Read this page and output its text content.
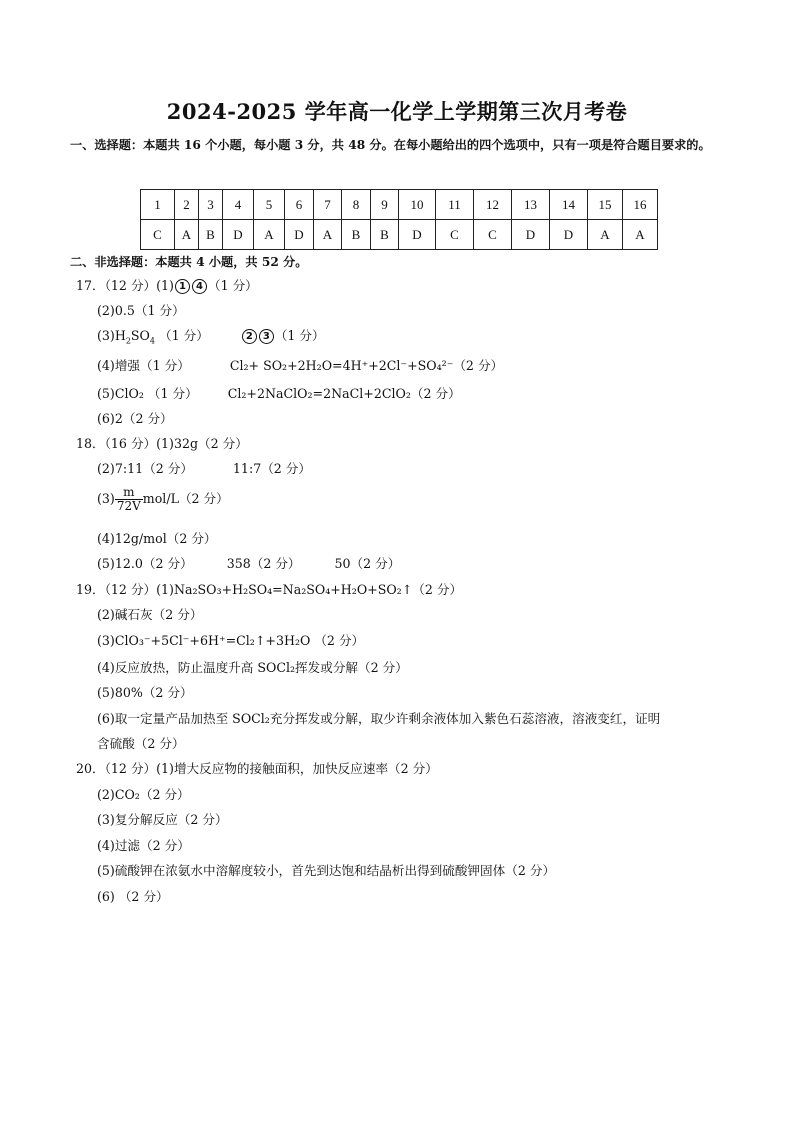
2024-2025 学年高一化学上学期第三次月考卷
一、选择题：本题共 16 个小题，每小题 3 分，共 48 分。在每小题给出的四个选项中，只有一项是符合题目要求的。
1	2	3	4	5	6	7	8	9	10	11	12	13	14	15	16
C	A	B	D	A	D	A	B	B	D	C	C	D	D	A	A
二、非选择题：本题共 4 小题，共 52 分。
17．（12 分）(1) 1 4 （1 分）
(2)0.5（1 分）
$(3)H_2SO_4$ （1 分）	2 3 （1 分）
(4)增强（1 分）	Cl₂+ SO₂+2H₂O=4H⁺+2Cl⁻+SO₄²⁻（2 分）
(5)ClO₂ （1 分） Cl₂+2NaClO₂=2NaCl+2ClO₂（2 分）
(6)2（2 分）
18．（16 分）(1)32g（2 分）
(2)7:11（2 分）	11:7（2 分）
$(3) \frac{m}{72V} mol/L(2$ 分）
(4)12g/mol（2 分）
(5)12.0（2 分）	358（2 分）	50（2 分）
19．（12 分）(1)Na₂SO₃+H₂SO₄=Na₂SO₄+H₂O+SO₂↑（2 分）
(2)碱石灰（2 分）
(3)ClO₃⁻+5Cl⁻+6H⁺=Cl₂↑+3H₂O （2 分）
(4)反应放热，防止温度升高 SOCl₂挥发或分解（2 分）
(5)80%（2 分）
(6)取一定量产品加热至 SOCl₂充分挥发或分解，取少许剩余液体加入紫色石蕊溶液，溶液变红，证明
含硫酸（2 分）
20．（12 分）(1)增大反应物的接触面积，加快反应速率（2 分）
(2)CO₂（2 分）
(3)复分解反应（2 分）
(4)过滤（2 分）
(5)硫酸钾在浓氨水中溶解度较小，首先到达饱和结晶析出得到硫酸钾固体（2 分）
(6) （2 分）
